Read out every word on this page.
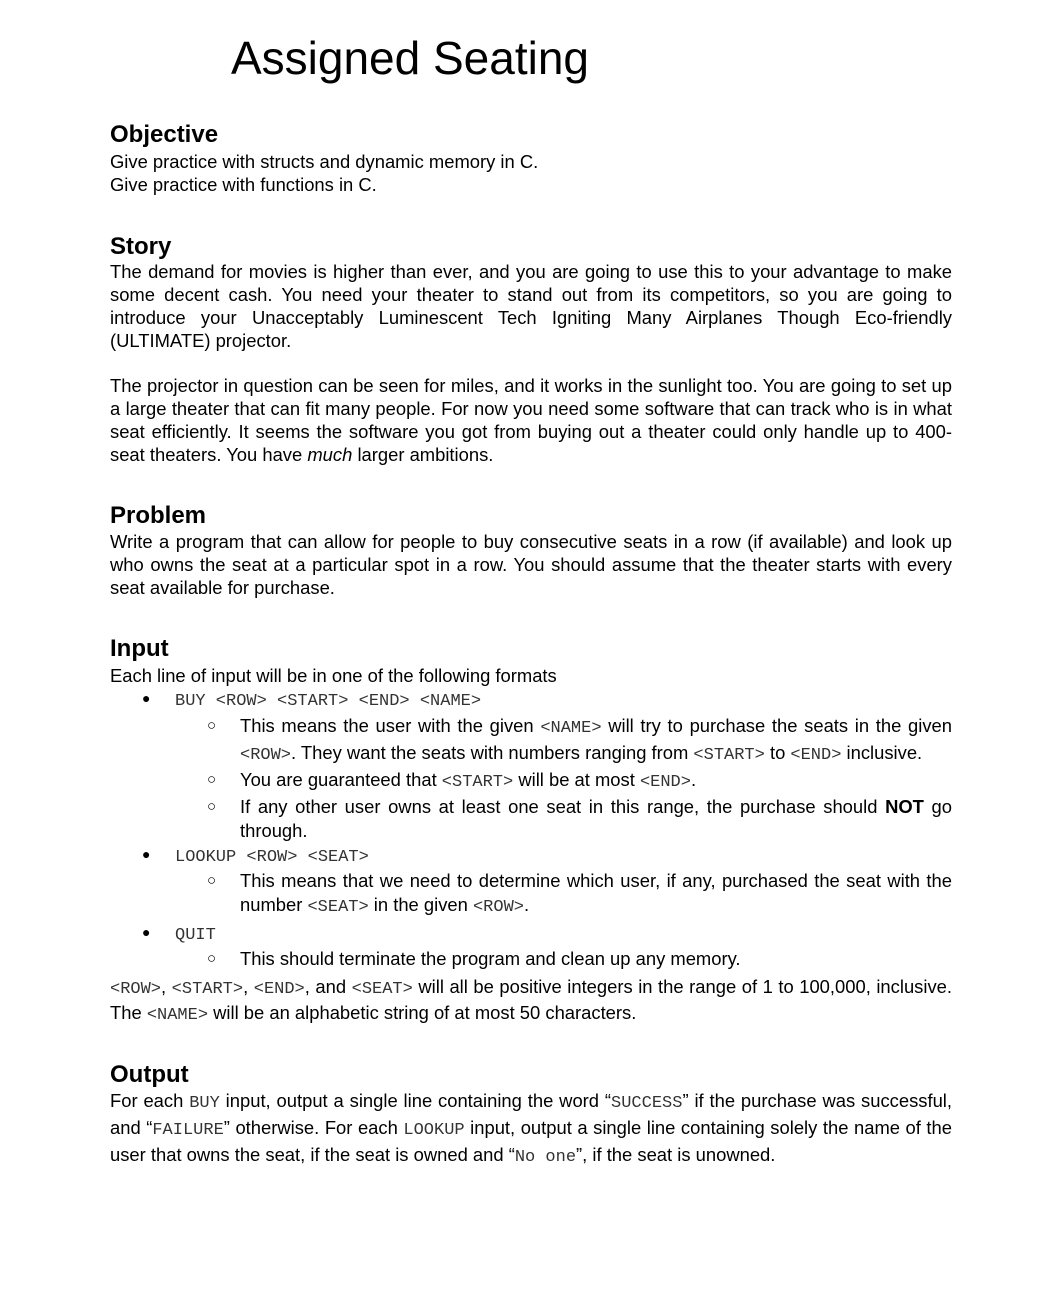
Assigned Seating
Objective
Give practice with structs and dynamic memory in C.
Give practice with functions in C.
Story

The demand for movies is higher than ever, and you are going to use this to your advantage to make some decent cash. You need your theater to stand out from its competitors, so you are going to introduce your Unacceptably Luminescent Tech Igniting Many Airplanes Though Eco-friendly (ULTIMATE) projector.

The projector in question can be seen for miles, and it works in the sunlight too. You are going to set up a large theater that can fit many people. For now you need some software that can track who is in what seat efficiently. It seems the software you got from buying out a theater could only handle up to 400-seat theaters. You have much larger ambitions.

Problem

Write a program that can allow for people to buy consecutive seats in a row (if available) and look up who owns the seat at a particular spot in a row. You should assume that the theater starts with every seat available for purchase.

Input

Each line of input will be in one of the following formats

● BUY <ROW> <START> <END> <NAME>
○ This means the user with the given <NAME> will try to purchase the seats in the given <ROW>. They want the seats with numbers ranging from <START> to <END> inclusive.
○ You are guaranteed that <START> will be at most <END>.
○ If any other user owns at least one seat in this range, the purchase should NOT go through.
● LOOKUP <ROW> <SEAT>
○ This means that we need to determine which user, if any, purchased the seat with the number <SEAT> in the given <ROW>.
● QUIT
○ This should terminate the program and clean up any memory.

<ROW>, <START>, <END>, and <SEAT> will all be positive integers in the range of 1 to 100,000, inclusive. The <NAME> will be an alphabetic string of at most 50 characters.

Output

For each BUY input, output a single line containing the word “SUCCESS” if the purchase was successful, and “FAILURE” otherwise. For each LOOKUP input, output a single line containing solely the name of the user that owns the seat, if the seat is owned and “No one”, if the seat is unowned.
